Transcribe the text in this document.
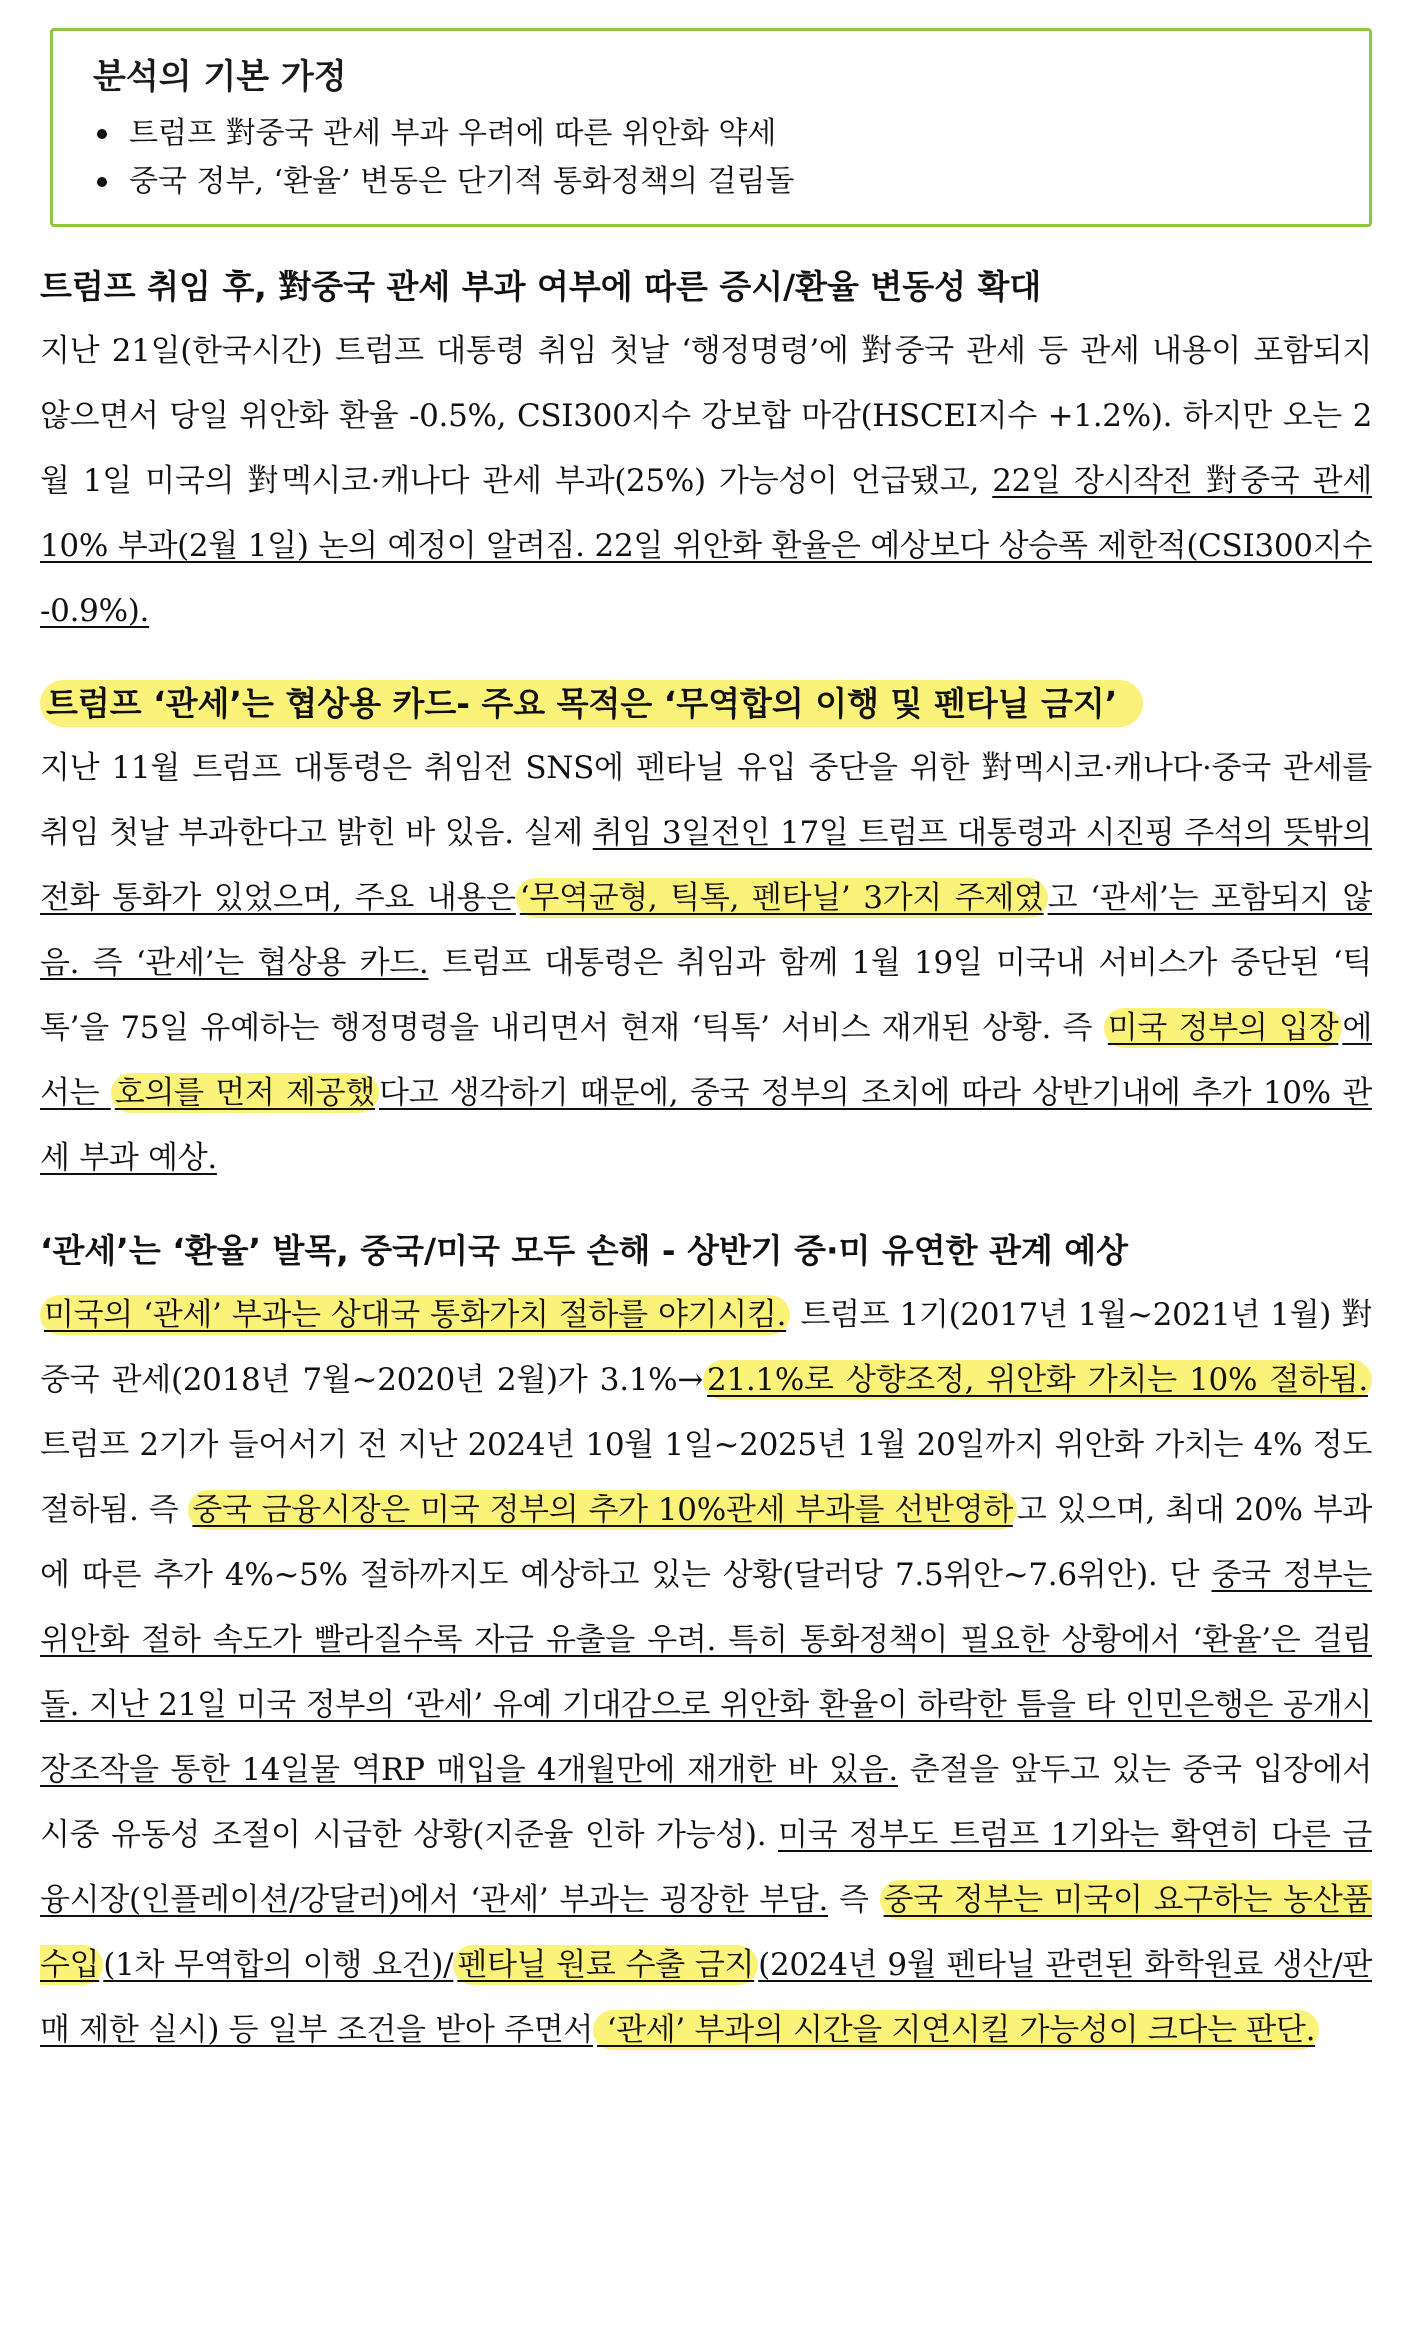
분석의 기본 가정
트럼프 對중국 관세 부과 우려에 따른 위안화 약세
중국 정부, ‘환율’ 변동은 단기적 통화정책의 걸림돌
트럼프 취임 후, 對중국 관세 부과 여부에 따른 증시/환율 변동성 확대
지난 21일(한국시간) 트럼프 대통령 취임 첫날 ‘행정명령’에 對중국 관세 등 관세 내용이 포함되지 않으면서 당일 위안화 환율 -0.5%, CSI300지수 강보합 마감(HSCEI지수 +1.2%). 하지만 오는 2월 1일 미국의 對멕시코·캐나다 관세 부과(25%) 가능성이 언급됐고, 22일 장시작전 對중국 관세 10% 부과(2월 1일) 논의 예정이 알려짐. 22일 위안화 환율은 예상보다 상승폭 제한적(CSI300지수 -0.9%).
트럼프 ‘관세’는 협상용 카드- 주요 목적은 ‘무역합의 이행 및 펜타닐 금지’
지난 11월 트럼프 대통령은 취임전 SNS에 펜타닐 유입 중단을 위한 對멕시코·캐나다·중국 관세를 취임 첫날 부과한다고 밝힌 바 있음. 실제 취임 3일전인 17일 트럼프 대통령과 시진핑 주석의 뜻밖의 전화 통화가 있었으며, 주요 내용은 ‘무역균형, 틱톡, 펜타닐’ 3가지 주제였 고 ‘관세’는 포함되지 않음. 즉 ‘관세’는 협상용 카드. 트럼프 대통령은 취임과 함께 1월 19일 미국내 서비스가 중단된 ‘틱톡’을 75일 유예하는 행정명령을 내리면서 현재 ‘틱톡’ 서비스 재개된 상황. 즉 미국 정부의 입장 에서는 호의를 먼저 제공했 다고 생각하기 때문에, 중국 정부의 조치에 따라 상반기내에 추가 10% 관세 부과 예상.
‘관세’는 ‘환율’ 발목, 중국/미국 모두 손해 - 상반기 중·미 유연한 관계 예상
미국의 ‘관세’ 부과는 상대국 통화가치 절하를 야기시킴. 트럼프 1기(2017년 1월~2021년 1월) 對중국 관세(2018년 7월~2020년 2월)가 3.1%→ 21.1%로 상향조정, 위안화 가치는 10% 절하됨. 트럼프 2기가 들어서기 전 지난 2024년 10월 1일~2025년 1월 20일까지 위안화 가치는 4% 정도 절하됨. 즉 중국 금융시장은 미국 정부의 추가 10%관세 부과를 선반영하 고 있으며, 최대 20% 부과에 따른 추가 4%~5% 절하까지도 예상하고 있는 상황(달러당 7.5위안~7.6위안). 단 중국 정부는 위안화 절하 속도가 빨라질수록 자금 유출을 우려. 특히 통화정책이 필요한 상황에서 ‘환율’은 걸림돌. 지난 21일 미국 정부의 ‘관세’ 유예 기대감으로 위안화 환율이 하락한 틈을 타 인민은행은 공개시장조작을 통한 14일물 역RP 매입을 4개월만에 재개한 바 있음. 춘절을 앞두고 있는 중국 입장에서 시중 유동성 조절이 시급한 상황(지준율 인하 가능성). 미국 정부도 트럼프 1기와는 확연히 다른 금융시장(인플레이션/강달러)에서 ‘관세’ 부과는 굉장한 부담. 즉 중국 정부는 미국이 요구하는 농산품 수입 (1차 무역합의 이행 요건)/ 펜타닐 원료 수출 금지 (2024년 9월 펜타닐 관련된 화학원료 생산/판매 제한 실시) 등 일부 조건을 받아 주면서 ‘관세’ 부과의 시간을 지연시킬 가능성이 크다는 판단.
